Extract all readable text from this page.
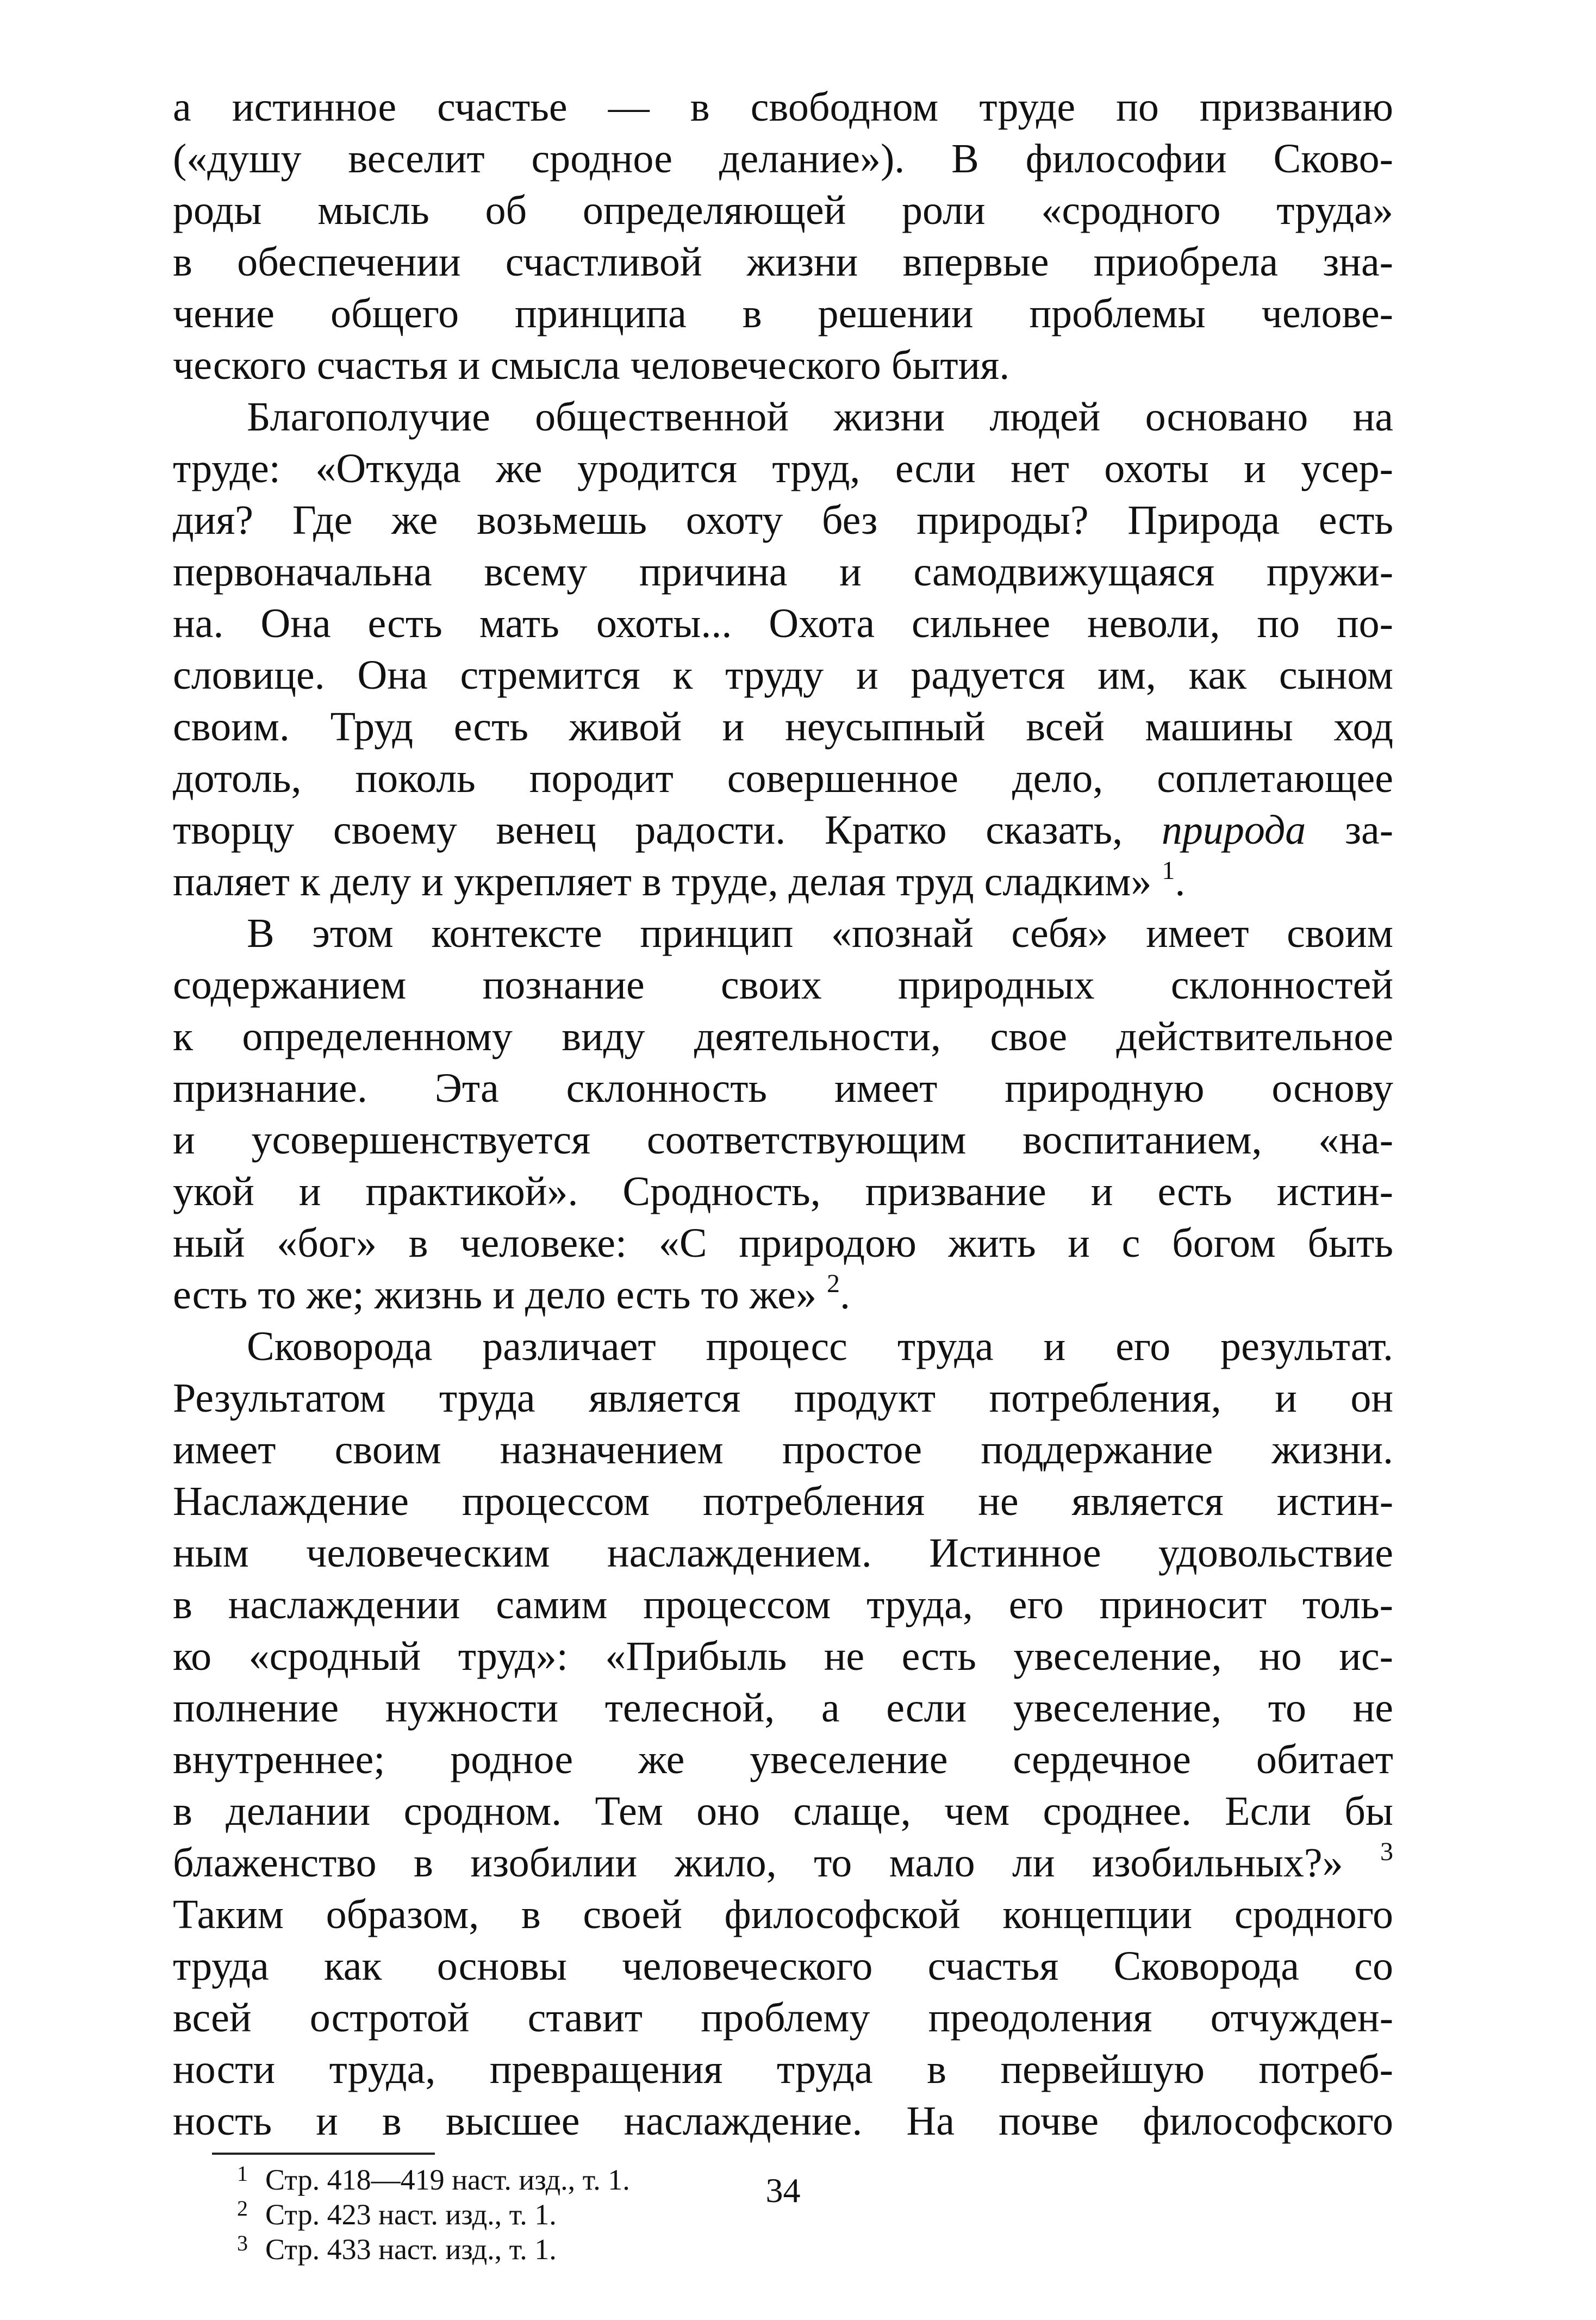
а истинное счастье — в свободном труде по призванию
(«душу веселит сродное делание»). В философии Сково-
роды мысль об определяющей роли «сродного труда»
в обеспечении счастливой жизни впервые приобрела зна-
чение общего принципа в решении проблемы челове-
ческого счастья и смысла человеческого бытия.
Благополучие общественной жизни людей основано на
труде: «Откуда же уродится труд, если нет охоты и усер-
дия? Где же возьмешь охоту без природы? Природа есть
первоначальна всему причина и самодвижущаяся пружи-
на. Она есть мать охоты... Охота сильнее неволи, по по-
словице. Она стремится к труду и радуется им, как сыном
своим. Труд есть живой и неусыпный всей машины ход
дотоль, поколь породит совершенное дело, соплетающее
творцу своему венец радости. Кратко сказать, природа за-
паляет к делу и укрепляет в труде, делая труд сладким» $^1$.
В этом контексте принцип «познай себя» имеет своим
содержанием познание своих природных склонностей
к определенному виду деятельности, свое действительное
признание. Эта склонность имеет природную основу
и усовершенствуется соответствующим воспитанием, «на-
укой и практикой». Сродность, призвание и есть истин-
ный «бог» в человеке: «С природою жить и с богом быть
есть то же; жизнь и дело есть то же» $^2$.
Сковорода различает процесс труда и его результат.
Результатом труда является продукт потребления, и он
имеет своим назначением простое поддержание жизни.
Наслаждение процессом потребления не является истин-
ным человеческим наслаждением. Истинное удовольствие
в наслаждении самим процессом труда, его приносит толь-
ко «сродный труд»: «Прибыль не есть увеселение, но ис-
полнение нужности телесной, а если увеселение, то не
внутреннее; родное же увеселение сердечное обитает
в делании сродном. Тем оно слаще, чем сроднее. Если бы
блаженство в изобилии жило, то мало ли изобильных?» $^3$
Таким образом, в своей философской концепции сродного
труда как основы человеческого счастья Сковорода со
всей остротой ставит проблему преодоления отчужден-
ности труда, превращения труда в первейшую потреб-
ность и в высшее наслаждение. На почве философского
1 Стр. 418—419 наст. изд., т. 1.
2 Стр. 423 наст. изд., т. 1.
3 Стр. 433 наст. изд., т. 1.
34
